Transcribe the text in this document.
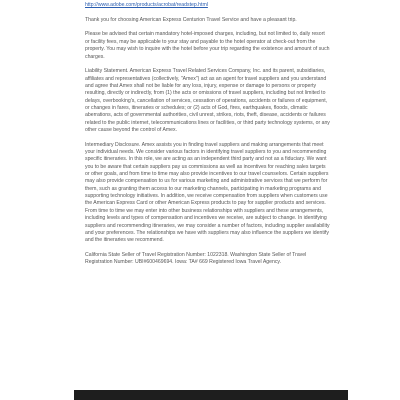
http://www.adobe.com/products/acrobat/readstep.html

Thank you for choosing American Express Centurion Travel Service and have a pleasant trip.

Please be advised that certain mandatory hotel-imposed charges, including, but not limited to, daily resort or facility fees, may be applicable to your stay and payable to the hotel operator at check-out from the property. You may wish to inquire with the hotel before your trip regarding the existence and amount of such charges.

Liability Statement. American Express Travel Related Services Company, Inc. and its parent, subsidiaries, affiliates and representatives (collectively, "Amex") act as an agent for travel suppliers and you understand and agree that Amex shall not be liable for any loss, injury, expense or damage to persons or property resulting, directly or indirectly, from (1) the acts or omissions of travel suppliers, including but not limited to delays, overbooking's, cancellation of services, cessation of operations, accidents or failures of equipment, or changes in fares, itineraries or schedules; or (2) acts of God, fires, earthquakes, floods, climatic aberrations, acts of governmental authorities, civil unrest, strikes, riots, theft, disease, accidents or failures related to the public internet, telecommunications lines or facilities, or third party technology systems, or any other cause beyond the control of Amex.

Intermediary Disclosure. Amex assists you in finding travel suppliers and making arrangements that meet your individual needs. We consider various factors in identifying travel suppliers to you and recommending specific itineraries. In this role, we are acting as an independent third party and not as a fiduciary. We want you to be aware that certain suppliers pay us commissions as well as incentives for reaching sales targets or other goals, and from time to time may also provide incentives to our travel counselors. Certain suppliers may also provide compensation to us for various marketing and administrative services that we perform for them, such as granting them access to our marketing channels, participating in marketing programs and supporting technology initiatives. In addition, we receive compensation from suppliers when customers use the American Express Card or other American Express products to pay for supplier products and services. From time to time we may enter into other business relationships with suppliers and these arrangements, including levels and types of compensation and incentives we receive, are subject to change. In identifying suppliers and recommending itineraries, we may consider a number of factors, including supplier availability and your preferences. The relationships we have with suppliers may also influence the suppliers we identify and the itineraries we recommend.

California State Seller of Travel Registration Number: 1022318. Washington State Seller of Travel Registration Number: UBI#600469694. Iowa: TA# 669 Registered Iowa Travel Agency.
